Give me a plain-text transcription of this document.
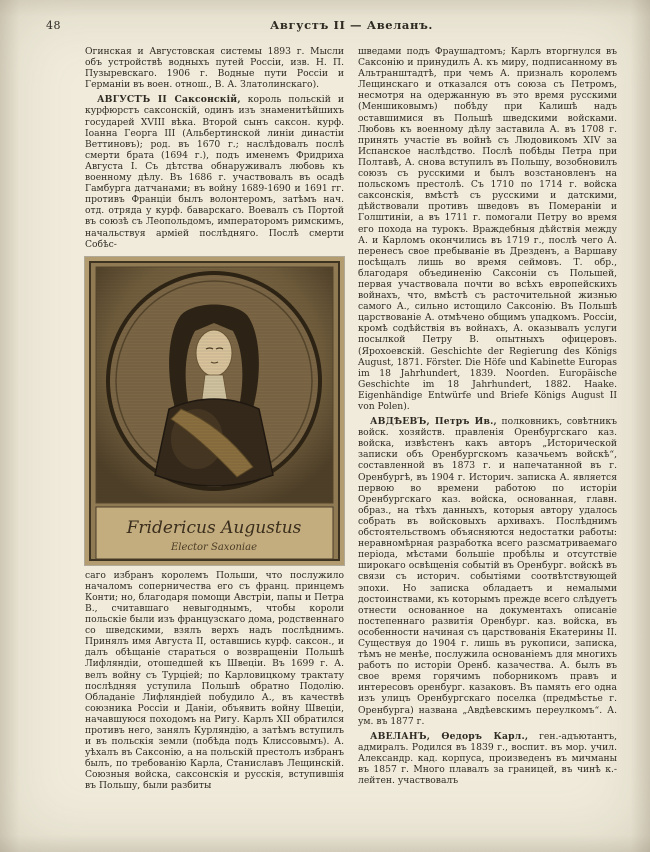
48	Августъ II — Авеланъ.

Огинская и Августовская системы 1893 г. Мысли объ устройствѣ водныхъ путей Россіи, изв. Н. П. Пузыревскаго. 1906 г. Водные пути Россіи и Германіи въ воен. отнош., В. А. Златолинскаго).

АВГУСТЪ II Саксонскій, король польскій и курфюрстъ саксонскій, одинъ изъ знаменитѣйшихъ государей XVIII вѣка. Второй сынъ саксон. курф. Іоанна Георга III (Альбертинской линіи династіи Веттиновъ); род. въ 1670 г.; наслѣдовалъ послѣ смерти брата (1694 г.), подъ именемъ Фридриха Августа I. Съ дѣтства обнаруживалъ любовь къ военному дѣлу. Въ 1686 г. участвовалъ въ осадѣ Гамбурга датчанами; въ войну 1689-1690 и 1691 гг. противъ Франціи былъ волонтеромъ, затѣмъ нач. отд. отряда у курф. баварскаго. Воевалъ съ Портой въ союзѣ съ Леопольдомъ, императоромъ римскимъ, начальствуя арміей послѣдняго. Послѣ смерти Собѣс-

Fridericus Augustus
Elector Saxoniae

саго избранъ королемъ Польши, что послужило началомъ соперничества его съ франц. принцемъ Конти; но, благодаря помощи Австріи, папы и Петра В., считавшаго невыгоднымъ, чтобы короли польскіе были изъ французскаго дома, родственнаго со шведскими, взялъ верхъ надъ послѣднимъ. Принялъ имя Августа II, оставшись курф. саксон., и далъ обѣщаніе стараться о возвращеніи Польшѣ Лифляндіи, отошедшей къ Швеціи. Въ 1699 г. А. велъ войну съ Турціей; по Карловицкому трактату послѣдняя уступила Польшѣ обратно Подолію. Обладаніе Лифляндіей побудило А., въ качествѣ союзника Россіи и Даніи, объявить войну Швеціи, начавшуюся походомъ на Ригу. Карлъ XII обратился противъ него, занялъ Курляндію, а затѣмъ вступилъ и въ польскія земли (побѣда подъ Клиссовымъ). А. уѣхалъ въ Саксонію, а на польскій престолъ избранъ былъ, по требованію Карла, Станиславъ Лещинскій. Союзныя войска, саксонскія и русскія, вступившія въ Польшу, были разбиты

шведами подъ Фраушадтомъ; Карлъ вторгнулся въ Саксонію и принудилъ А. къ миру, подписанному въ Альтранштадтѣ, при чемъ А. призналъ королемъ Лещинскаго и отказался отъ союза съ Петромъ, несмотря на одержанную въ это время русскими (Меншиковымъ) побѣду при Калишѣ надъ оставшимися въ Польшѣ шведскими войсками. Любовь къ военному дѣлу заставила А. въ 1708 г. принять участіе въ войнѣ съ Людовикомъ XIV за Испанское наслѣдство. Послѣ побѣды Петра при Полтавѣ, А. снова вступилъ въ Польшу, возобновилъ союзъ съ русскими и былъ возстановленъ на польскомъ престолѣ. Съ 1710 по 1714 г. войска саксонскія, вмѣстѣ съ русскими и датскими, дѣйствовали противъ шведовъ въ Помераніи и Голштиніи, а въ 1711 г. помогали Петру во время его похода на турокъ. Враждебныя дѣйствія между А. и Карломъ окончились въ 1719 г., послѣ чего А. перенесъ свое пребываніе въ Дрезденъ, а Варшаву посѣщалъ лишь во время сеймовъ. Т. обр., благодаря объединенію Саксоніи съ Польшей, первая участвовала почти во всѣхъ европейскихъ войнахъ, что, вмѣстѣ съ расточительной жизнью самого А., сильно истощило Саксонію. Въ Польшѣ царствованіе А. отмѣчено общимъ упадкомъ. Россіи, кромѣ содѣйствія въ войнахъ, А. оказывалъ услуги посылкой Петру В. опытныхъ офицеровъ. (Ярохоевскій. Geschichte der Regierung des Königs August, 1871. Förster. Die Höfe und Kabinette Europas im 18 Jahrhundert, 1839. Noorden. Europäische Geschichte im 18 Jahrhundert, 1882. Haake. Eigenhändige Entwürfe und Briefe Königs August II von Polen).

АВДѢЕВЪ, Петръ Ив., полковникъ, совѣтникъ войск. хозяйств. правленія Оренбургскаго каз. войска, извѣстенъ какъ авторъ „Исторической записки объ Оренбургскомъ казачьемъ войскѣ“, составленной въ 1873 г. и напечатанной въ г. Оренбургѣ, въ 1904 г. Историч. записка А. является первою во времени работою по исторіи Оренбургскаго каз. войска, основанная, главн. образ., на тѣхъ данныхъ, которыя автору удалось собрать въ войсковыхъ архивахъ. Послѣднимъ обстоятельствомъ объясняются недостатки работы: неравномѣрная разработка всего разсматриваемаго періода, мѣстами большіе пробѣлы и отсутствіе широкаго освѣщенія событій въ Оренбург. войскѣ въ связи съ историч. событіями соотвѣтствующей эпохи. Но записка обладаетъ и немалыми достоинствами, къ которымъ прежде всего слѣдуетъ отнести основанное на документахъ описаніе постепеннаго развитія Оренбург. каз. войска, въ особенности начиная съ царствованія Екатерины II. Существуя до 1904 г. лишь въ рукописи, записка, тѣмъ не менѣе, послужила основаніемъ для многихъ работъ по исторіи Оренб. казачества. А. былъ въ свое время горячимъ поборникомъ правъ и интересовъ оренбург. казаковъ. Въ память его одна изъ улицъ Оренбургскаго поселка (предмѣстье г. Оренбурга) названа „Авдѣевскимъ переулкомъ“. А. ум. въ 1877 г.

АВЕЛАНЪ, Ѳедоръ Карл., ген.-адъютантъ, адмиралъ. Родился въ 1839 г., воспит. въ мор. учил. Александр. кад. корпуса, произведенъ въ мичманы въ 1857 г. Много плавалъ за границей, въ чинѣ к.-лейтен. участвовалъ
